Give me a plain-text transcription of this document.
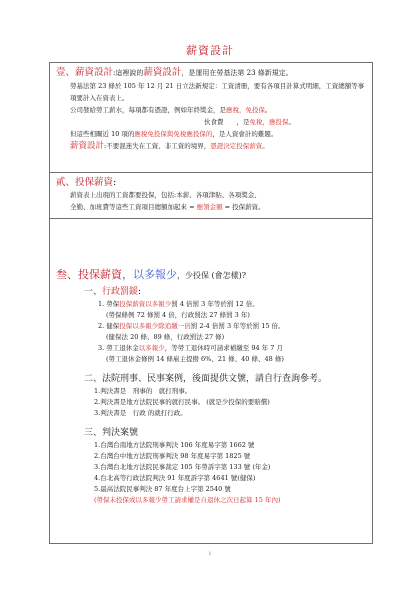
薪資設計
壹、薪資設計:這裡說的薪資設計，是運用在勞基法第 23 條新規定。
勞基法第 23 條於 105 年 12 月 21 日立法新規定：工資清冊，要有各項目計算式明細，工資總額等事項要計入在資表上。
公司發給勞工薪水，每項都有憑證，例如年終獎金，是應稅，免投保。
伙食費　　，是免稅，應投保。
但這些相關近 10 項的應稅免投保與免稅應投保的，是人資會計的難題。
薪資設計:不要混迷失在工資、非工資的境界，憑證決定投保薪資。
貳、投保薪資:
薪資表上出現的工資都要投保，包括:本薪、各項津貼、各項獎金、
全勤、加班費等這些工資項目總額加起來 = 應領金額 = 投保薪資。
叁、投保薪資，以多報少，少投保 (會怎樣)?
一、行政罰鍰:
1. 勞保投保薪資以多報少罰 4 倍罰 3 年等於罰 12 倍。
(勞保條例 72 條罰 4 倍，行政罰法 27 條罰 3 年)
2. 健保投保以多報少除追繳一倍罰 2-4 倍罰 3 年等於罰 15 倍。
(健保法 20 條、89 條，行政罰法 27 條)
3. 勞工退休金以多報少，等勞工退休時可請求補繳至 94 年 7 月
(勞工退休金條例 14 條雇主提撥 6%、21 條、40 條、48 條)
二、法院刑事、民事案例，後面提供文號，請自行查詢參考。
1.判決書是　刑事的　就打刑事。
2.判決書是地方法院民事的就打民事。 (就是少投保的要賠償)
3.判決書是　行政 的就打行政。
三、判決案號
1.台灣台南地方法院刑事判決 106 年度易字第 1662 號
2.台灣台中地方法院刑事判決 98 年度易字第 1825 號
3.台灣台北地方法院民事裁定 105 年勞訴字第 133 號 (年金)
4.台北高等行政法院判決 91 年度訴字第 4641 號(健保)
5.最高法院民事判決 87 年度台上字第 2540 號
(勞保未投保或以多報少勞工請求權是自退休之次日起算 15 年內)
1
